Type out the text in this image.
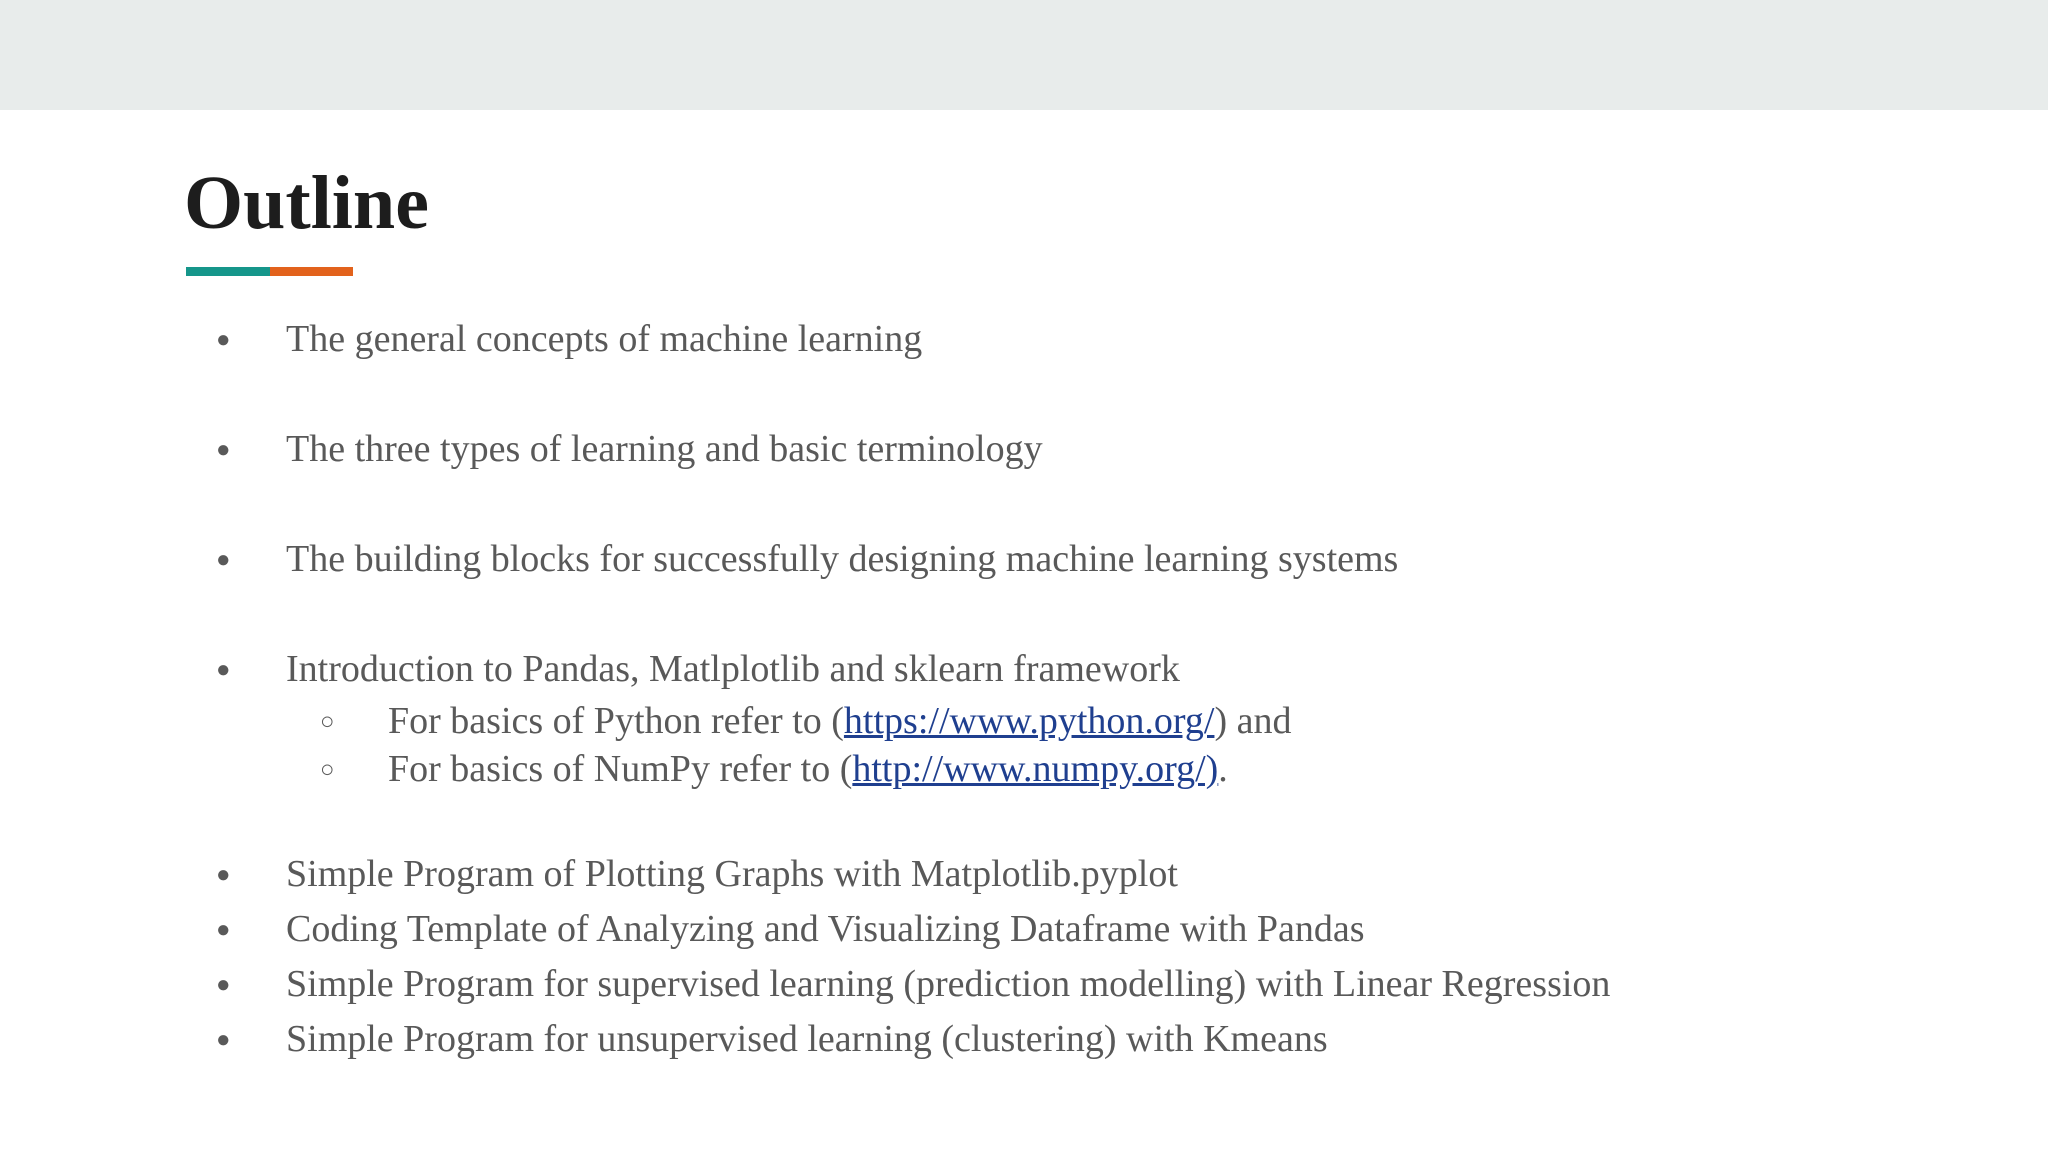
Outline
● The general concepts of machine learning
● The three types of learning and basic terminology
● The building blocks for successfully designing machine learning systems
● Introduction to Pandas, Matlplotlib and sklearn framework
○ For basics of Python refer to (https://www.python.org/) and
○ For basics of NumPy refer to (http://www.numpy.org/).
● Simple Program of Plotting Graphs with Matplotlib.pyplot
● Coding Template of Analyzing and Visualizing Dataframe with Pandas
● Simple Program for supervised learning (prediction modelling) with Linear Regression
● Simple Program for unsupervised learning (clustering) with Kmeans
